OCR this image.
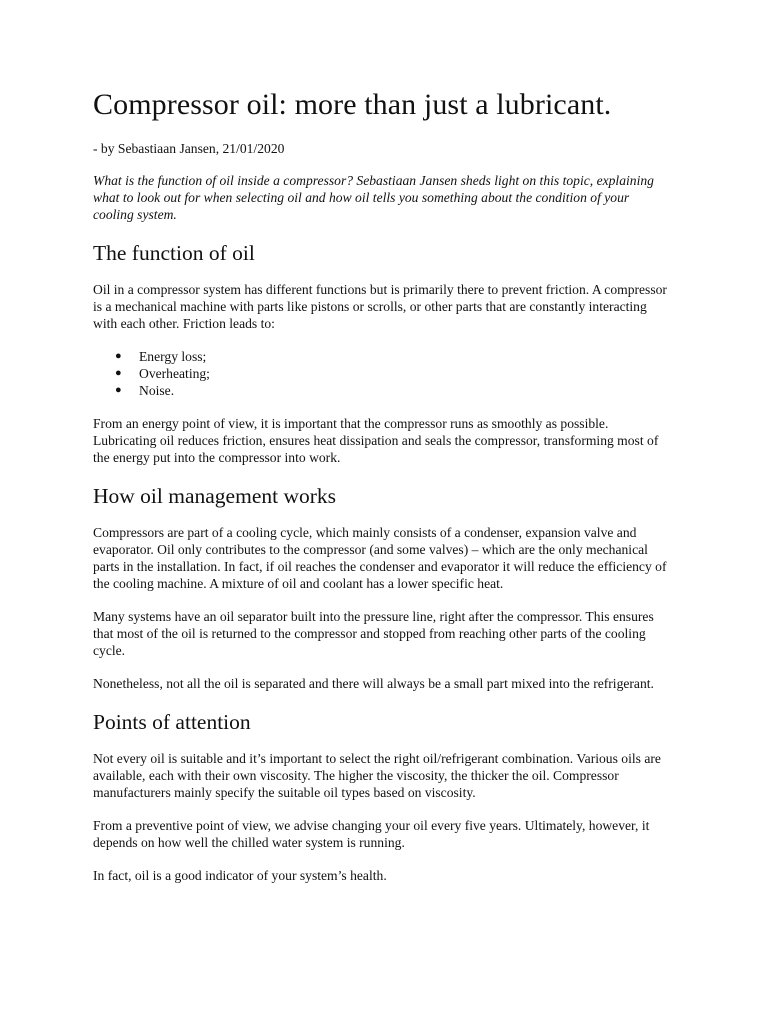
Compressor oil: more than just a lubricant.

- by Sebastiaan Jansen, 21/01/2020

What is the function of oil inside a compressor? Sebastiaan Jansen sheds light on this topic, explaining what to look out for when selecting oil and how oil tells you something about the condition of your cooling system.

The function of oil

Oil in a compressor system has different functions but is primarily there to prevent friction. A compressor is a mechanical machine with parts like pistons or scrolls, or other parts that are constantly interacting with each other. Friction leads to:

● Energy loss;
● Overheating;
● Noise.

From an energy point of view, it is important that the compressor runs as smoothly as possible. Lubricating oil reduces friction, ensures heat dissipation and seals the compressor, transforming most of the energy put into the compressor into work.

How oil management works

Compressors are part of a cooling cycle, which mainly consists of a condenser, expansion valve and evaporator. Oil only contributes to the compressor (and some valves) – which are the only mechanical parts in the installation. In fact, if oil reaches the condenser and evaporator it will reduce the efficiency of the cooling machine. A mixture of oil and coolant has a lower specific heat.

Many systems have an oil separator built into the pressure line, right after the compressor. This ensures that most of the oil is returned to the compressor and stopped from reaching other parts of the cooling cycle.

Nonetheless, not all the oil is separated and there will always be a small part mixed into the refrigerant.

Points of attention

Not every oil is suitable and it’s important to select the right oil/refrigerant combination. Various oils are available, each with their own viscosity. The higher the viscosity, the thicker the oil. Compressor manufacturers mainly specify the suitable oil types based on viscosity.

From a preventive point of view, we advise changing your oil every five years. Ultimately, however, it depends on how well the chilled water system is running.

In fact, oil is a good indicator of your system’s health.
